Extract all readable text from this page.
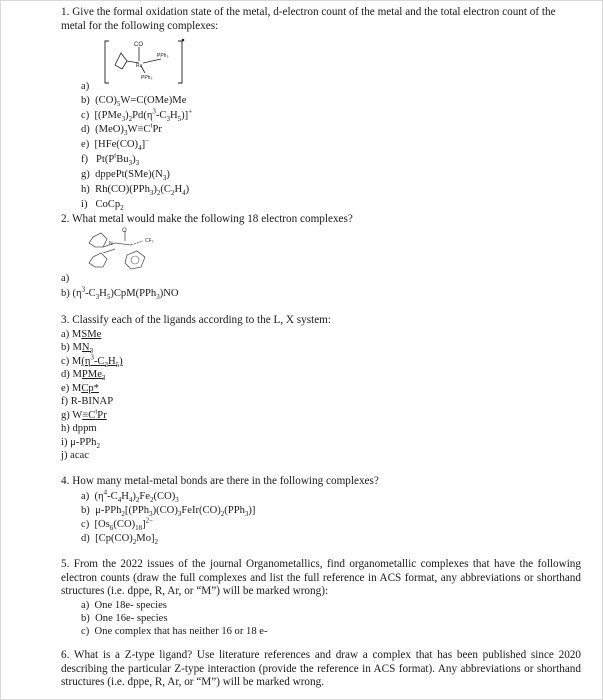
1. Give the formal oxidation state of the metal, d-electron count of the metal and the total electron count of the metal for the following complexes:
CO
Ru
PPh₃
PPh₃
a)
b) $(CO)_5W=C(OMe)Me$
c) $[(PMe_3)_2Pd(\eta^3-C_3H_5)]^+$
d) $(MeO)_3W\equiv C^tPr$
e) $[HFe(CO)_4]^-$
f) $Pt(P^tBu_3)_3$
g) $dppePt(SMe)(N_3)$
h) $Rh(CO)(PPh_3)_2(C_2H_4)$
i) CoCp$_2$
2. What metal would make the following 18 electron complexes?
O
N	CF₃
a)
b) $(\eta^3-C_3H_5)CpM(PPh_3)NO$
3. Classify each of the ligands according to the L, X system:
a) MSMe
b) $MN_3$
c) $M(\eta^3-C_3H_5)$
d) MPMe$_3$
e) MCp*
f) R-BINAP
g) $W\equiv C^tPr$
h) dppm
i) μ-PPh$_2$
j) acac
4. How many metal-metal bonds are there in the following complexes?
a) $(\eta^4-C_4H_4)_2Fe_2(CO)_3$
b) $\mu-PPh_2[(PPh_3)(CO)_3FeIr(CO)_2(PPh_3)]$
c) $[Os_6(CO)_{18}]^{2-}$
d) $[Cp(CO)_2Mo]_2$
5. From the 2022 issues of the journal Organometallics, find organometallic complexes that have the following electron counts (draw the full complexes and list the full reference in ACS format, any abbreviations or shorthand structures (i.e. dppe, R, Ar, or “M”) will be marked wrong):
a) One 18e- species
b) One 16e- species
c) One complex that has neither 16 or 18 e-
6. What is a Z-type ligand? Use literature references and draw a complex that has been published since 2020 describing the particular Z-type interaction (provide the reference in ACS format). Any abbreviations or shorthand structures (i.e. dppe, R, Ar, or “M”) will be marked wrong.
